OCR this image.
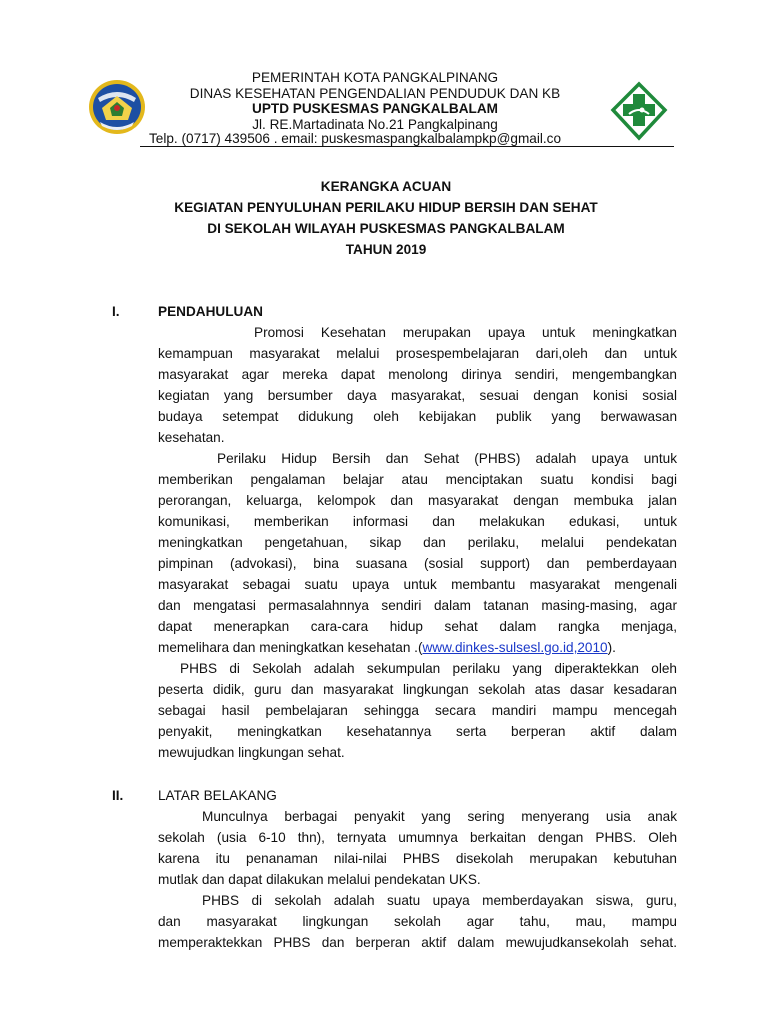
PEMERINTAH KOTA PANGKALPINANG
DINAS KESEHATAN PENGENDALIAN PENDUDUK DAN KB
UPTD PUSKESMAS PANGKALBALAM
Jl. RE.Martadinata No.21 Pangkalpinang
Telp. (0717) 439506 . email: puskesmaspangkalbalampkp@gmail.co
KERANGKA ACUAN
KEGIATAN PENYULUHAN PERILAKU HIDUP BERSIH DAN SEHAT
DI SEKOLAH WILAYAH PUSKESMAS PANGKALBALAM
TAHUN 2019
I.	PENDAHULUAN
Promosi Kesehatan merupakan upaya untuk meningkatkan
kemampuan masyarakat melalui prosespembelajaran dari,oleh dan untuk
masyarakat agar mereka dapat menolong dirinya sendiri, mengembangkan
kegiatan yang bersumber daya masyarakat, sesuai dengan konisi sosial
budaya setempat didukung oleh kebijakan publik yang berwawasan
kesehatan.
Perilaku Hidup Bersih dan Sehat (PHBS) adalah upaya untuk
memberikan pengalaman belajar atau menciptakan suatu kondisi bagi
perorangan, keluarga, kelompok dan masyarakat dengan membuka jalan
komunikasi, memberikan informasi dan melakukan edukasi, untuk
meningkatkan pengetahuan, sikap dan perilaku, melalui pendekatan
pimpinan (advokasi), bina suasana (sosial support) dan pemberdayaan
masyarakat sebagai suatu upaya untuk membantu masyarakat mengenali
dan mengatasi permasalahnnya sendiri dalam tatanan masing-masing, agar
dapat menerapkan cara-cara hidup sehat dalam rangka menjaga,
memelihara dan meningkatkan kesehatan .(www.dinkes-sulsesl.go.id,2010).
PHBS di Sekolah adalah sekumpulan perilaku yang diperaktekkan oleh
peserta didik, guru dan masyarakat lingkungan sekolah atas dasar kesadaran
sebagai hasil pembelajaran sehingga secara mandiri mampu mencegah
penyakit, meningkatkan kesehatannya serta berperan aktif dalam
mewujudkan lingkungan sehat.
II.	LATAR BELAKANG
Munculnya berbagai penyakit yang sering menyerang usia anak
sekolah (usia 6-10 thn), ternyata umumnya berkaitan dengan PHBS. Oleh
karena itu penanaman nilai-nilai PHBS disekolah merupakan kebutuhan
mutlak dan dapat dilakukan melalui pendekatan UKS.
PHBS di sekolah adalah suatu upaya memberdayakan siswa, guru,
dan masyarakat lingkungan sekolah agar tahu, mau, mampu
memperaktekkan PHBS dan berperan aktif dalam mewujudkansekolah sehat.
